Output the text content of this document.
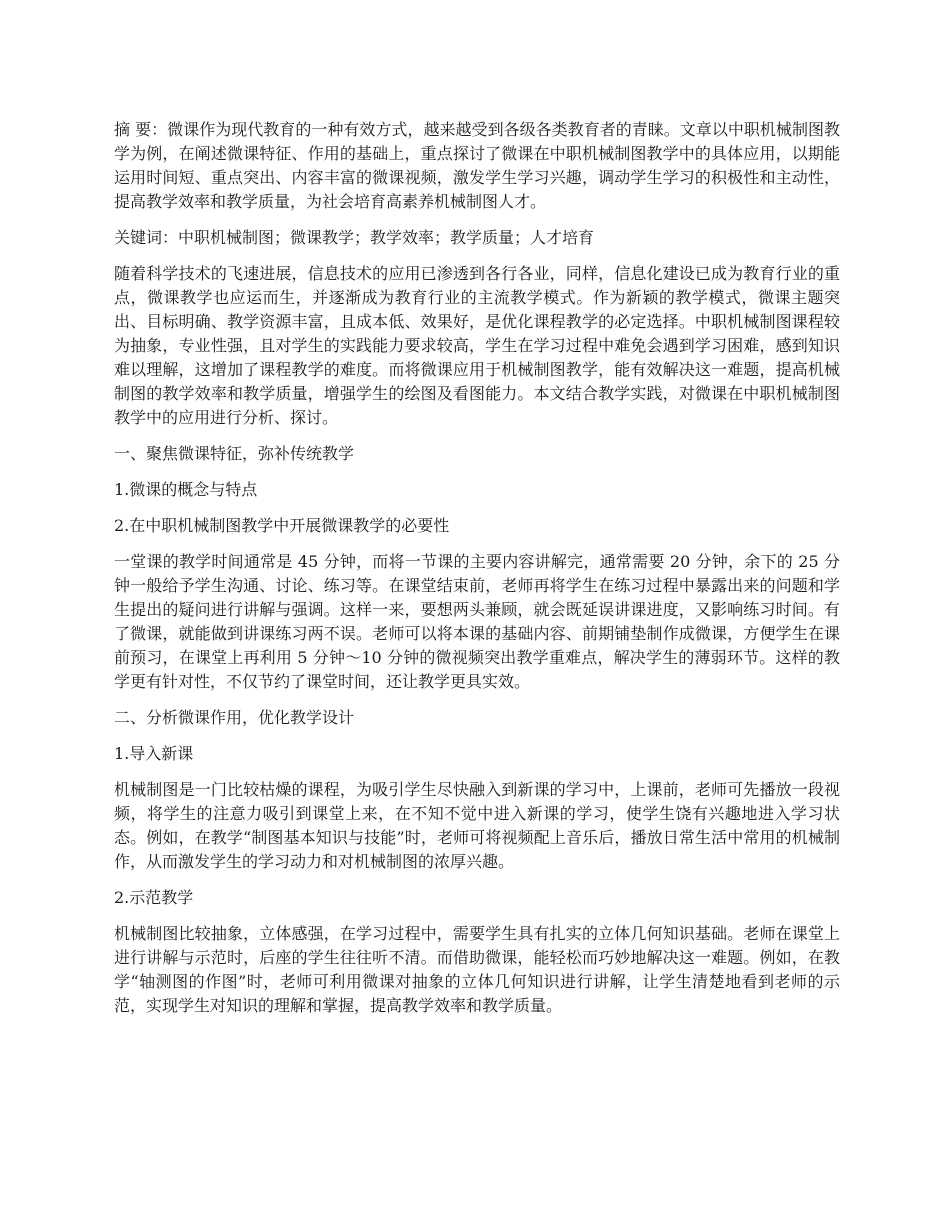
摘 要：微课作为现代教育的一种有效方式，越来越受到各级各类教育者的青睐。文章以中职机械制图教学为例，在阐述微课特征、作用的基础上，重点探讨了微课在中职机械制图教学中的具体应用，以期能运用时间短、重点突出、内容丰富的微课视频，激发学生学习兴趣，调动学生学习的积极性和主动性，提高教学效率和教学质量，为社会培育高素养机械制图人才。

关键词：中职机械制图；微课教学；教学效率；教学质量；人才培育

随着科学技术的飞速进展，信息技术的应用已渗透到各行各业，同样，信息化建设已成为教育行业的重点，微课教学也应运而生，并逐渐成为教育行业的主流教学模式。作为新颖的教学模式，微课主题突出、目标明确、教学资源丰富，且成本低、效果好，是优化课程教学的必定选择。中职机械制图课程较为抽象，专业性强，且对学生的实践能力要求较高，学生在学习过程中难免会遇到学习困难，感到知识难以理解，这增加了课程教学的难度。而将微课应用于机械制图教学，能有效解决这一难题，提高机械制图的教学效率和教学质量，增强学生的绘图及看图能力。本文结合教学实践，对微课在中职机械制图教学中的应用进行分析、探讨。

一、聚焦微课特征，弥补传统教学

1.微课的概念与特点

2.在中职机械制图教学中开展微课教学的必要性

一堂课的教学时间通常是 45 分钟，而将一节课的主要内容讲解完，通常需要 20 分钟，余下的 25 分钟一般给予学生沟通、讨论、练习等。在课堂结束前，老师再将学生在练习过程中暴露出来的问题和学生提出的疑问进行讲解与强调。这样一来，要想两头兼顾，就会既延误讲课进度，又影响练习时间。有了微课，就能做到讲课练习两不误。老师可以将本课的基础内容、前期铺垫制作成微课，方便学生在课前预习，在课堂上再利用 5 分钟～10 分钟的微视频突出教学重难点，解决学生的薄弱环节。这样的教学更有针对性，不仅节约了课堂时间，还让教学更具实效。

二、分析微课作用，优化教学设计

1.导入新课

机械制图是一门比较枯燥的课程，为吸引学生尽快融入到新课的学习中，上课前，老师可先播放一段视频，将学生的注意力吸引到课堂上来，在不知不觉中进入新课的学习，使学生饶有兴趣地进入学习状态。例如，在教学“制图基本知识与技能”时，老师可将视频配上音乐后，播放日常生活中常用的机械制作，从而激发学生的学习动力和对机械制图的浓厚兴趣。

2.示范教学

机械制图比较抽象，立体感强，在学习过程中，需要学生具有扎实的立体几何知识基础。老师在课堂上进行讲解与示范时，后座的学生往往听不清。而借助微课，能轻松而巧妙地解决这一难题。例如，在教学“轴测图的作图”时，老师可利用微课对抽象的立体几何知识进行讲解，让学生清楚地看到老师的示范，实现学生对知识的理解和掌握，提高教学效率和教学质量。
